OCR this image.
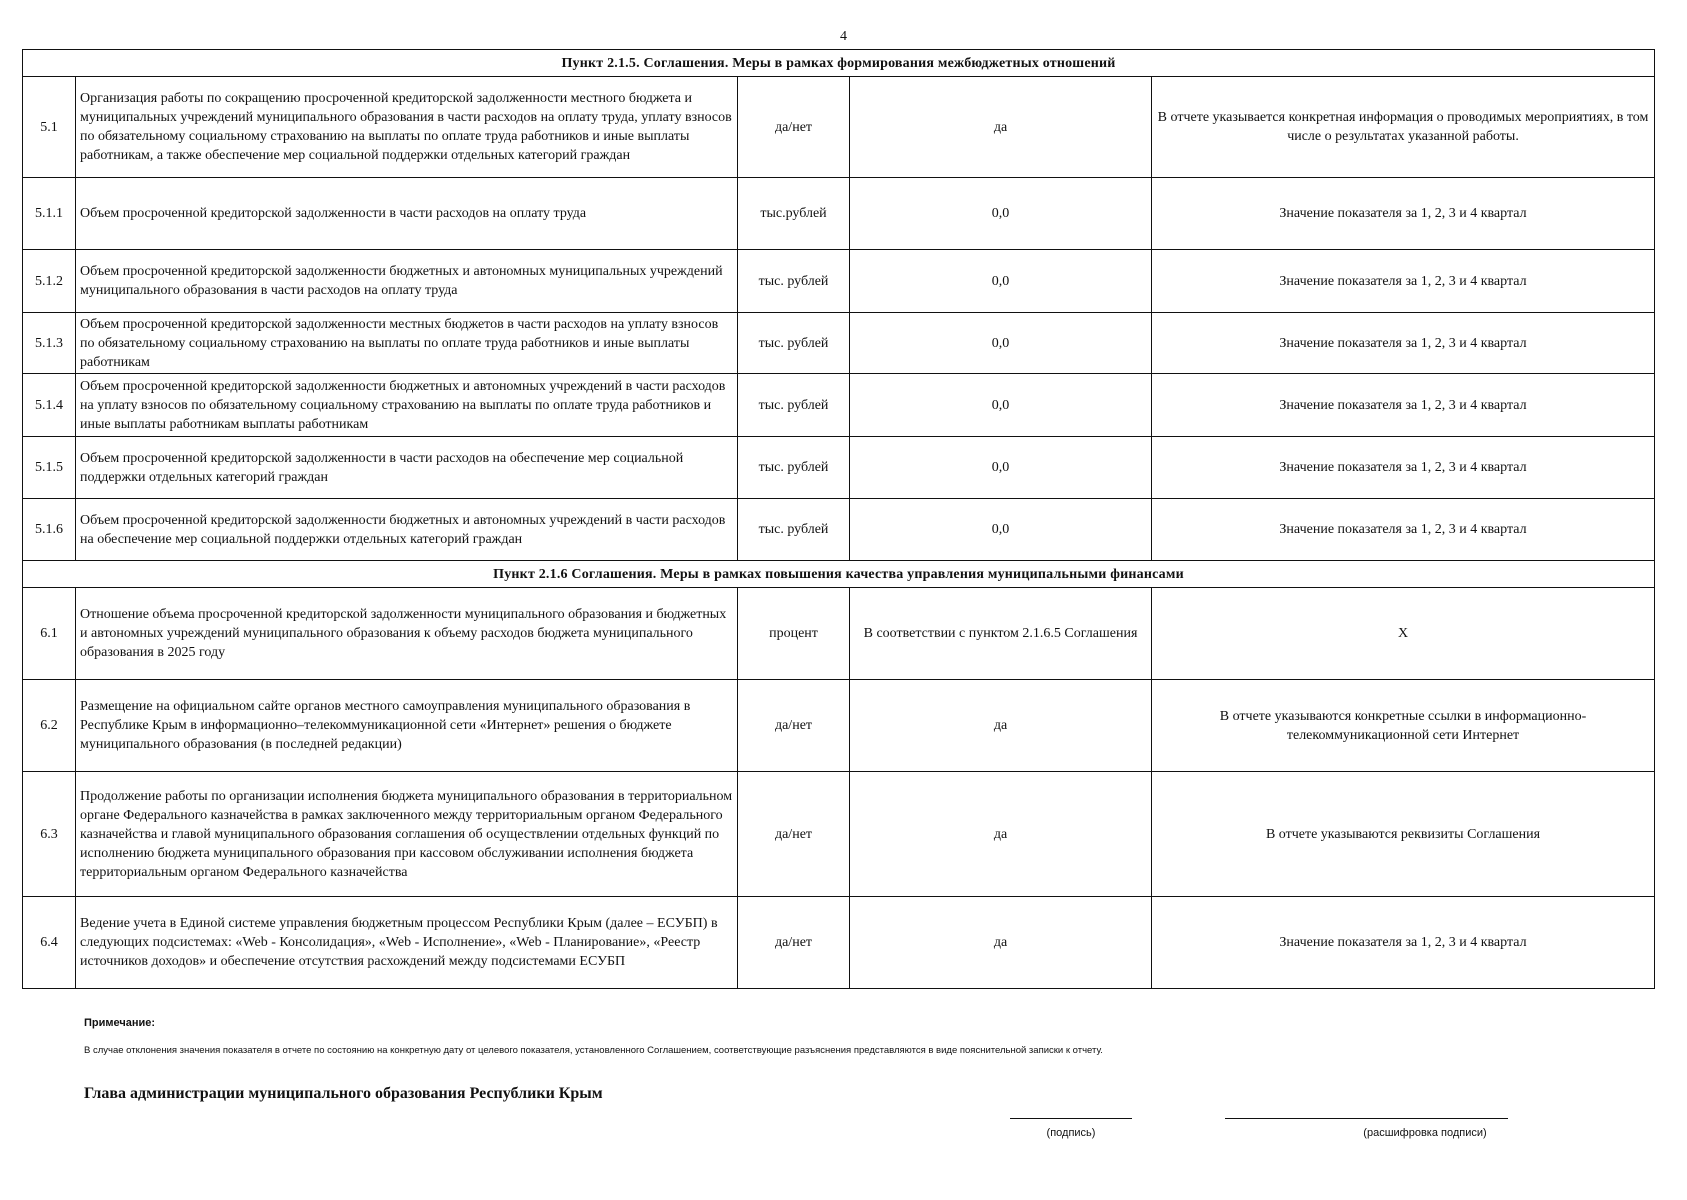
4
Пункт 2.1.5. Соглашения. Меры в рамках формирования межбюджетных отношений				
5.1	Организация работы по сокращению просроченной кредиторской задолженности местного бюджета и муниципальных учреждений муниципального образования в части расходов на оплату труда, уплату взносов по обязательному социальному страхованию на выплаты по оплате труда работников и иные выплаты работникам, а также обеспечение мер социальной поддержки отдельных категорий граждан	да/нет	да	В отчете указывается конкретная информация о проводимых мероприятиях, в том числе о результатах указанной работы.
5.1.1	Объем просроченной кредиторской задолженности в части расходов на оплату труда	тыс.рублей	0,0	Значение показателя за 1, 2, 3 и 4 квартал
5.1.2	Объем просроченной кредиторской задолженности бюджетных и автономных муниципальных учреждений муниципального образования в части расходов на оплату труда	тыс. рублей	0,0	Значение показателя за 1, 2, 3 и 4 квартал
5.1.3	Объем просроченной кредиторской задолженности местных бюджетов в части расходов на уплату взносов по обязательному социальному страхованию на выплаты по оплате труда работников и иные выплаты работникам	тыс. рублей	0,0	Значение показателя за 1, 2, 3 и 4 квартал
5.1.4	Объем просроченной кредиторской задолженности бюджетных и автономных учреждений в части расходов на уплату взносов по обязательному социальному страхованию на выплаты по оплате труда работников и иные выплаты работникам выплаты работникам	тыс. рублей	0,0	Значение показателя за 1, 2, 3 и 4 квартал
5.1.5	Объем просроченной кредиторской задолженности в части расходов на обеспечение мер социальной поддержки отдельных категорий граждан	тыс. рублей	0,0	Значение показателя за 1, 2, 3 и 4 квартал
5.1.6	Объем просроченной кредиторской задолженности бюджетных и автономных учреждений в части расходов на обеспечение мер социальной поддержки отдельных категорий граждан	тыс. рублей	0,0	Значение показателя за 1, 2, 3 и 4 квартал
Пункт 2.1.6 Соглашения. Меры в рамках повышения качества управления муниципальными финансами				
6.1	Отношение объема просроченной кредиторской задолженности муниципального образования и бюджетных и автономных учреждений муниципального образования к объему расходов бюджета муниципального образования в 2025 году	процент	В соответствии с пунктом 2.1.6.5 Соглашения	X
6.2	Размещение на официальном сайте органов местного самоуправления муниципального образования в Республике Крым в информационно–телекоммуникационной сети «Интернет» решения о бюджете муниципального образования (в последней редакции)	да/нет	да	В отчете указываются конкретные ссылки в информационно-телекоммуникационной сети Интернет
6.3	Продолжение работы по организации исполнения бюджета муниципального образования в территориальном органе Федерального казначейства в рамках заключенного между территориальным органом Федерального казначейства и главой муниципального образования соглашения об осуществлении отдельных функций по исполнению бюджета муниципального образования при кассовом обслуживании исполнения бюджета территориальным органом Федерального казначейства	да/нет	да	В отчете указываются реквизиты Соглашения
6.4	Ведение учета в Единой системе управления бюджетным процессом Республики Крым (далее – ЕСУБП) в следующих подсистемах: «Web - Консолидация», «Web - Исполнение», «Web - Планирование», «Реестр источников доходов» и обеспечение отсутствия расхождений между подсистемами ЕСУБП	да/нет	да	Значение показателя за 1, 2, 3 и 4 квартал
Примечание:
В случае отклонения значения показателя в отчете по состоянию на конкретную дату от целевого показателя, установленного Соглашением, соответствующие разъяснения представляются в виде пояснительной записки к отчету.
Глава администрации муниципального образования Республики Крым
(подпись)	(расшифровка подписи)
